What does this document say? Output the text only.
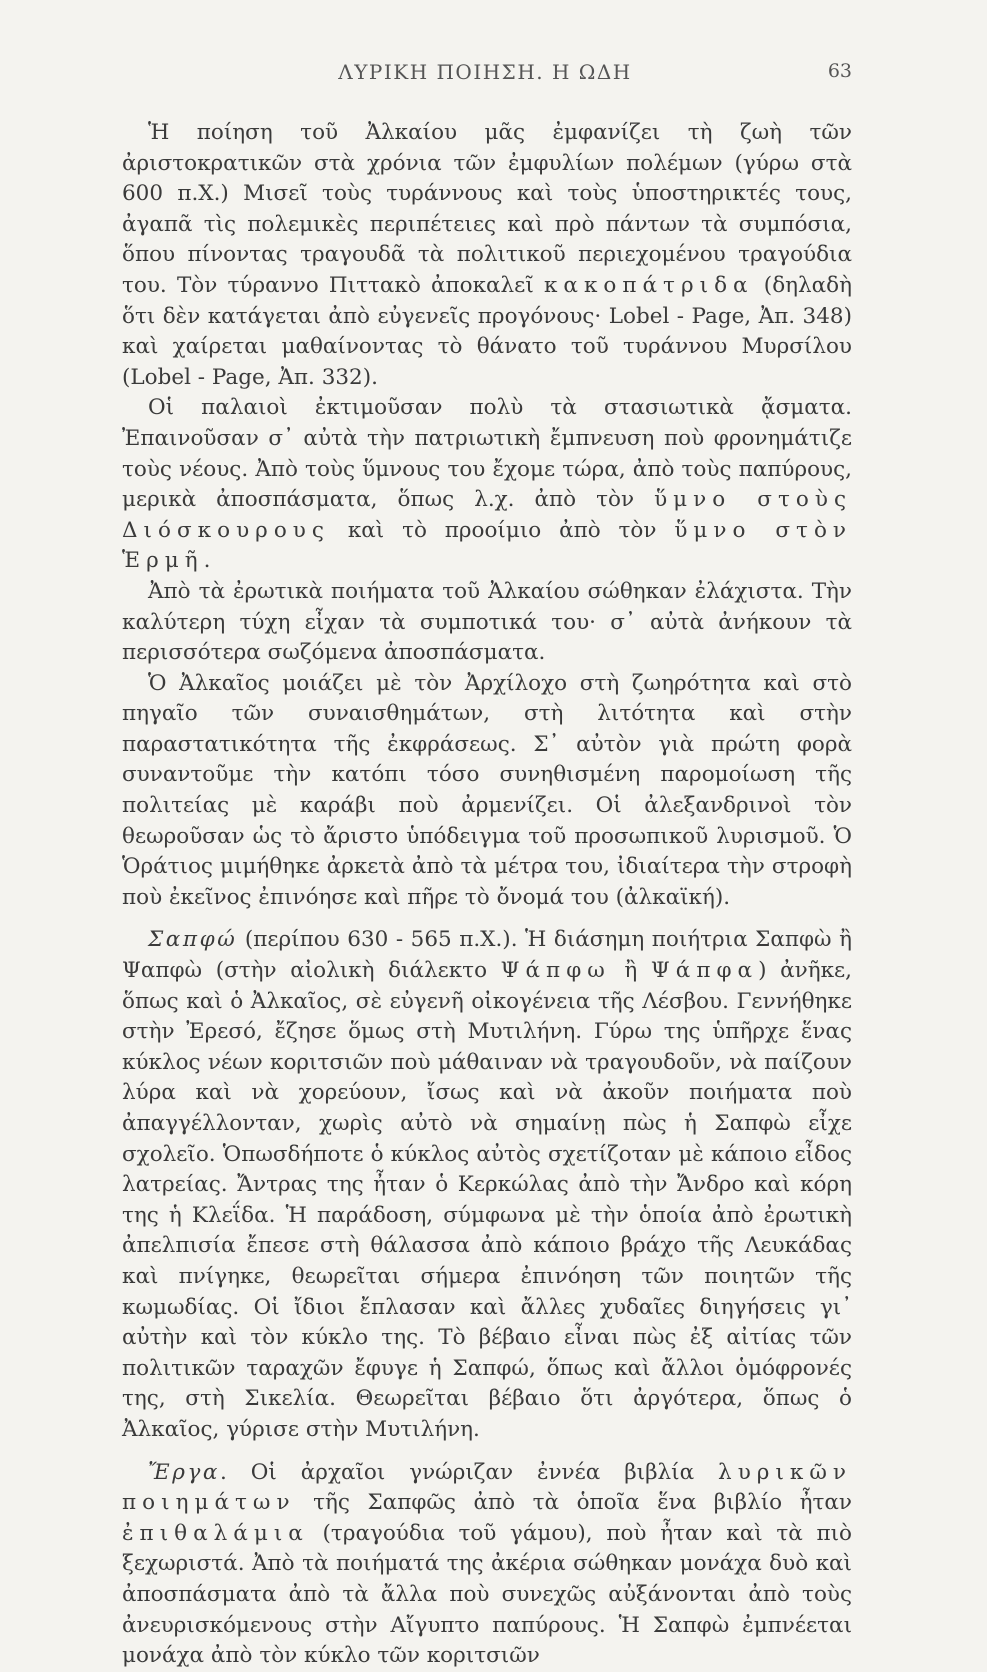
ΛΥΡΙΚΗ ΠΟΙΗΣΗ. Η ΩΔΗ	63

Ἡ ποίηση τοῦ Ἀλκαίου μᾶς ἐμφανίζει τὴ ζωὴ τῶν ἀριστοκρατικῶν στὰ χρόνια τῶν ἐμφυλίων πολέμων (γύρω στὰ 600 π.Χ.) Μισεῖ τοὺς τυράννους καὶ τοὺς ὑποστηρικτές τους, ἀγαπᾶ τὶς πολεμικὲς περιπέτειες καὶ πρὸ πάντων τὰ συμπόσια, ὅπου πίνοντας τραγουδᾶ τὰ πολιτικοῦ περιεχομένου τραγούδια του. Τὸν τύραννο Πιττακὸ ἀποκαλεῖ κακοπάτριδα (δηλαδὴ ὅτι δὲν κατάγεται ἀπὸ εὐγενεῖς προγόνους· Lobel - Page, Ἀπ. 348) καὶ χαίρεται μαθαίνοντας τὸ θάνατο τοῦ τυράννου Μυρσίλου (Lobel - Page, Ἀπ. 332).

Οἱ παλαιοὶ ἐκτιμοῦσαν πολὺ τὰ στασιωτικὰ ᾄσματα. Ἐπαινοῦσαν σ᾽ αὐτὰ τὴν πατριωτικὴ ἔμπνευση ποὺ φρονημάτιζε τοὺς νέους. Ἀπὸ τοὺς ὕμνους του ἔχομε τώρα, ἀπὸ τοὺς παπύρους, μερικὰ ἀποσπάσματα, ὅπως λ.χ. ἀπὸ τὸν ὕμνο στοὺς Διόσκουρους καὶ τὸ προοίμιο ἀπὸ τὸν ὕμνο στὸν Ἑρμῆ.

Ἀπὸ τὰ ἐρωτικὰ ποιήματα τοῦ Ἀλκαίου σώθηκαν ἐλάχιστα. Τὴν καλύτερη τύχη εἶχαν τὰ συμποτικά του· σ᾽ αὐτὰ ἀνήκουν τὰ περισσότερα σωζόμενα ἀποσπάσματα.

Ὁ Ἀλκαῖος μοιάζει μὲ τὸν Ἀρχίλοχο στὴ ζωηρότητα καὶ στὸ πηγαῖο τῶν συναισθημάτων, στὴ λιτότητα καὶ στὴν παραστατικότητα τῆς ἐκφράσεως. Σ᾽ αὐτὸν γιὰ πρώτη φορὰ συναντοῦμε τὴν κατόπι τόσο συνηθισμένη παρομοίωση τῆς πολιτείας μὲ καράβι ποὺ ἀρμενίζει. Οἱ ἀλεξανδρινοὶ τὸν θεωροῦσαν ὡς τὸ ἄριστο ὑπόδειγμα τοῦ προσωπικοῦ λυρισμοῦ. Ὁ Ὁράτιος μιμήθηκε ἀρκετὰ ἀπὸ τὰ μέτρα του, ἰδιαίτερα τὴν στροφὴ ποὺ ἐκεῖνος ἐπινόησε καὶ πῆρε τὸ ὄνομά του (ἀλκαϊκή).

Σαπφώ (περίπου 630 - 565 π.Χ.). Ἡ διάσημη ποιήτρια Σαπφὼ ἢ Ψαπφὼ (στὴν αἰολικὴ διάλεκτο Ψάπφω ἢ Ψάπφα) ἀνῆκε, ὅπως καὶ ὁ Ἀλκαῖος, σὲ εὐγενῆ οἰκογένεια τῆς Λέσβου. Γεννήθηκε στὴν Ἐρεσό, ἔζησε ὅμως στὴ Μυτιλήνη. Γύρω της ὑπῆρχε ἕνας κύκλος νέων κοριτσιῶν ποὺ μάθαιναν νὰ τραγουδοῦν, νὰ παίζουν λύρα καὶ νὰ χορεύουν, ἴσως καὶ νὰ ἀκοῦν ποιήματα ποὺ ἀπαγγέλλονταν, χωρὶς αὐτὸ νὰ σημαίνῃ πὼς ἡ Σαπφὼ εἶχε σχολεῖο. Ὁπωσδήποτε ὁ κύκλος αὐτὸς σχετίζοταν μὲ κάποιο εἶδος λατρείας. Ἄντρας της ἦταν ὁ Κερκώλας ἀπὸ τὴν Ἄνδρο καὶ κόρη της ἡ Κλεΐδα. Ἡ παράδοση, σύμφωνα μὲ τὴν ὁποία ἀπὸ ἐρωτικὴ ἀπελπισία ἔπεσε στὴ θάλασσα ἀπὸ κάποιο βράχο τῆς Λευκάδας καὶ πνίγηκε, θεωρεῖται σήμερα ἐπινόηση τῶν ποιητῶν τῆς κωμωδίας. Οἱ ἴδιοι ἔπλασαν καὶ ἄλλες χυδαῖες διηγήσεις γι᾽ αὐτὴν καὶ τὸν κύκλο της. Τὸ βέβαιο εἶναι πὼς ἐξ αἰτίας τῶν πολιτικῶν ταραχῶν ἔφυγε ἡ Σαπφώ, ὅπως καὶ ἄλλοι ὁμόφρονές της, στὴ Σικελία. Θεωρεῖται βέβαιο ὅτι ἀργότερα, ὅπως ὁ Ἀλκαῖος, γύρισε στὴν Μυτιλήνη.

Ἔργα. Οἱ ἀρχαῖοι γνώριζαν ἐννέα βιβλία λυρικῶν ποιημάτων τῆς Σαπφῶς ἀπὸ τὰ ὁποῖα ἕνα βιβλίο ἦταν ἐπιθαλάμια (τραγούδια τοῦ γάμου), ποὺ ἦταν καὶ τὰ πιὸ ξεχωριστά. Ἀπὸ τὰ ποιήματά της ἀκέρια σώθηκαν μονάχα δυὸ καὶ ἀποσπάσματα ἀπὸ τὰ ἄλλα ποὺ συνεχῶς αὐξάνονται ἀπὸ τοὺς ἀνευρισκόμενους στὴν Αἴγυπτο παπύρους. Ἡ Σαπφὼ ἐμπνέεται μονάχα ἀπὸ τὸν κύκλο τῶν κοριτσιῶν
